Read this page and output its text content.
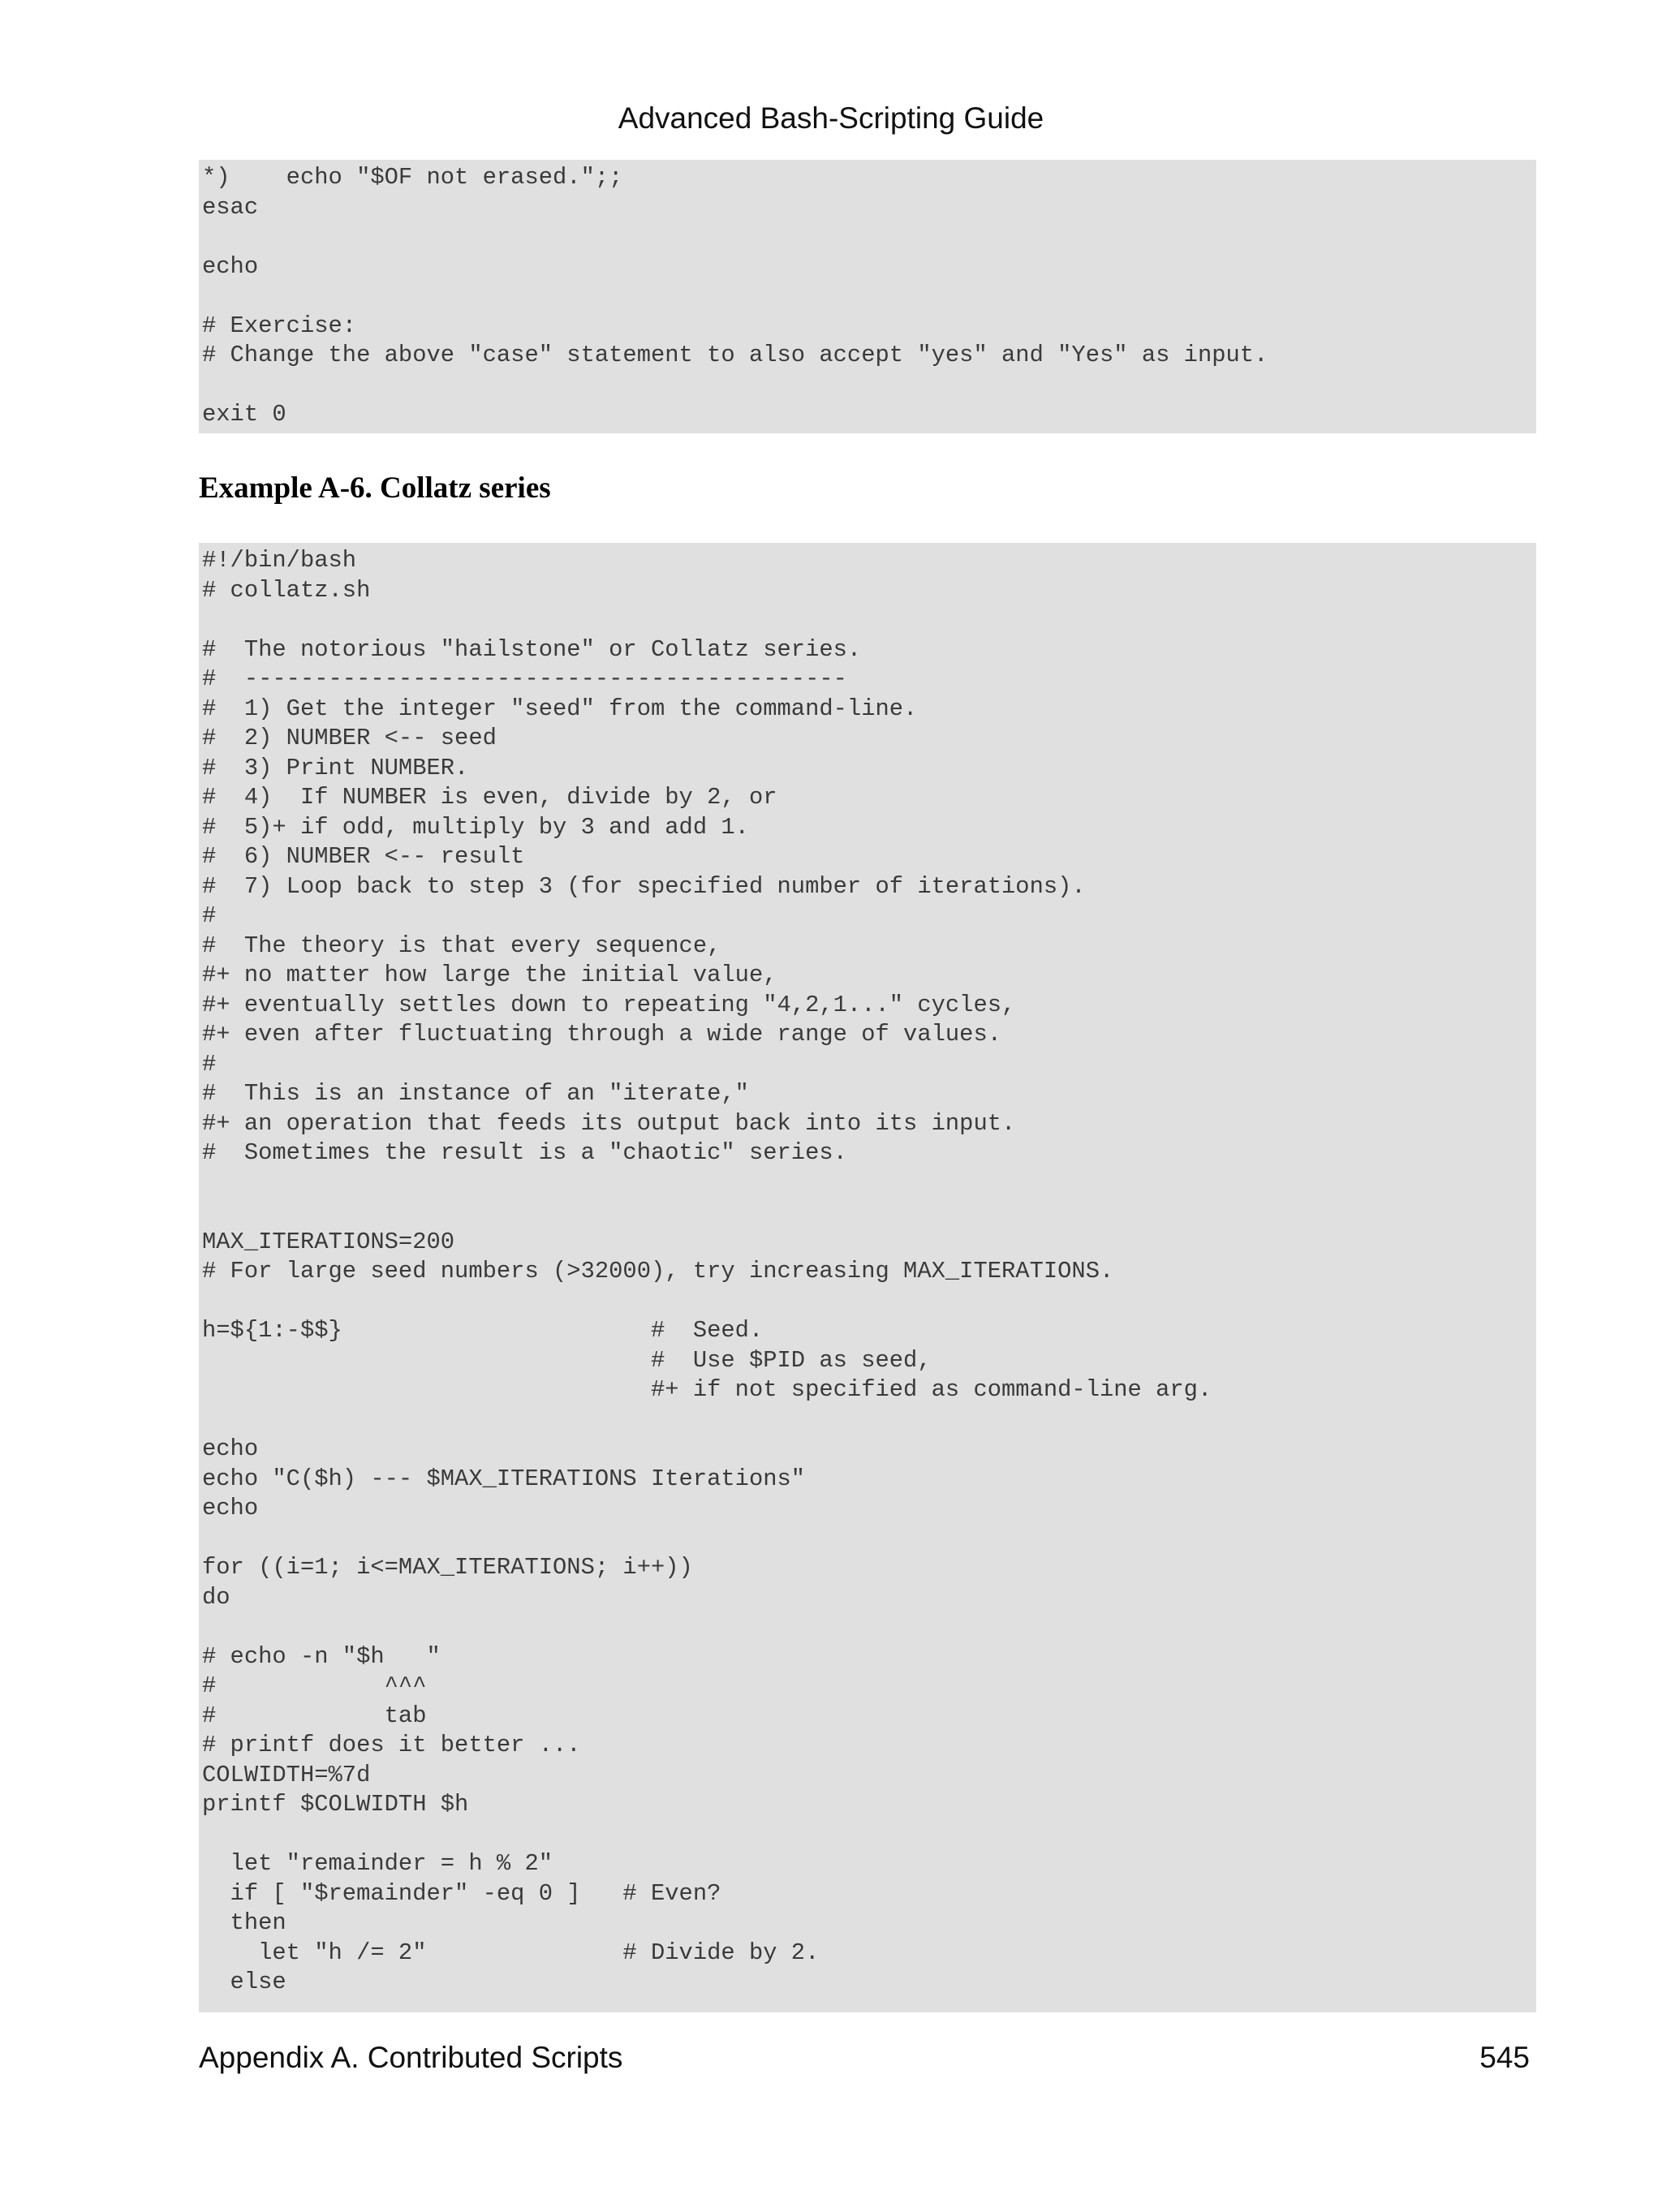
Advanced Bash-Scripting Guide
*)    echo "$OF not erased.";;
esac

echo

# Exercise:
# Change the above "case" statement to also accept "yes" and "Yes" as input.

exit 0
Example A-6. Collatz series
#!/bin/bash
# collatz.sh

#  The notorious "hailstone" or Collatz series.
#  -------------------------------------------
#  1) Get the integer "seed" from the command-line.
#  2) NUMBER <-- seed
#  3) Print NUMBER.
#  4)  If NUMBER is even, divide by 2, or
#  5)+ if odd, multiply by 3 and add 1.
#  6) NUMBER <-- result
#  7) Loop back to step 3 (for specified number of iterations).
#
#  The theory is that every sequence,
#+ no matter how large the initial value,
#+ eventually settles down to repeating "4,2,1..." cycles,
#+ even after fluctuating through a wide range of values.
#
#  This is an instance of an "iterate,"
#+ an operation that feeds its output back into its input.
#  Sometimes the result is a "chaotic" series.

MAX_ITERATIONS=200
# For large seed numbers (>32000), try increasing MAX_ITERATIONS.

h=${1:-$$}                      #  Seed.
#  Use $PID as seed,
#+ if not specified as command-line arg.

echo
echo "C($h) --- $MAX_ITERATIONS Iterations"
echo

for ((i=1; i<=MAX_ITERATIONS; i++))
do

# echo -n "$h   "
#            ^^^
#            tab
# printf does it better ...
COLWIDTH=%7d
printf $COLWIDTH $h

let "remainder = h % 2"
if [ "$remainder" -eq 0 ]   # Even?
then
let "h /= 2"              # Divide by 2.
else
Appendix A. Contributed Scripts	545
